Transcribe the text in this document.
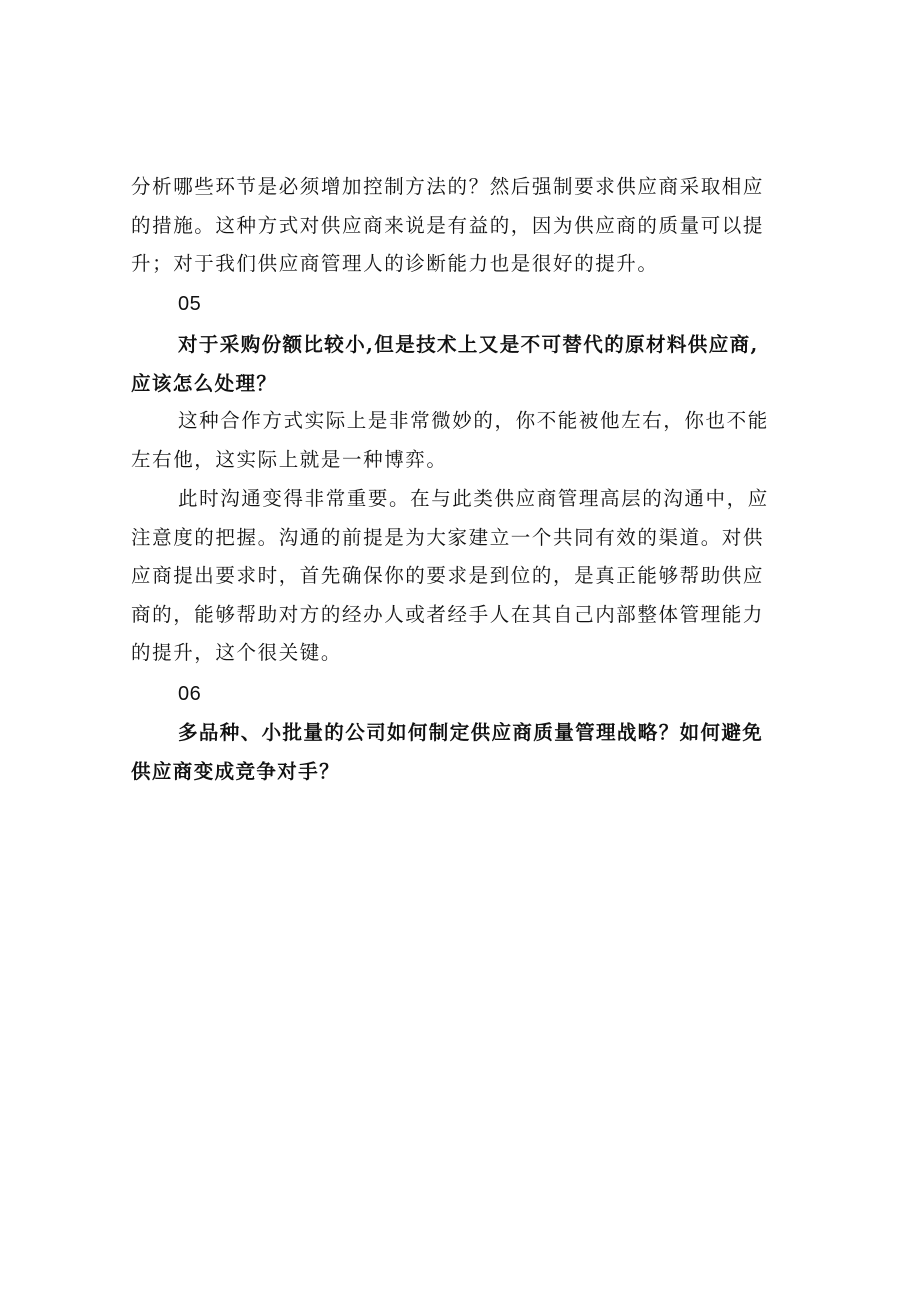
分析哪些环节是必须增加控制方法的？然后强制要求供应商采取相应
的措施。这种方式对供应商来说是有益的，因为供应商的质量可以提
升；对于我们供应商管理人的诊断能力也是很好的提升。
05
对于采购份额比较小,但是技术上又是不可替代的原材料供应商,
应该怎么处理？
这种合作方式实际上是非常微妙的，你不能被他左右，你也不能
左右他，这实际上就是一种博弈。
此时沟通变得非常重要。在与此类供应商管理高层的沟通中，应
注意度的把握。沟通的前提是为大家建立一个共同有效的渠道。对供
应商提出要求时，首先确保你的要求是到位的，是真正能够帮助供应
商的，能够帮助对方的经办人或者经手人在其自己内部整体管理能力
的提升，这个很关键。
06
多品种、小批量的公司如何制定供应商质量管理战略？如何避免
供应商变成竞争对手？
